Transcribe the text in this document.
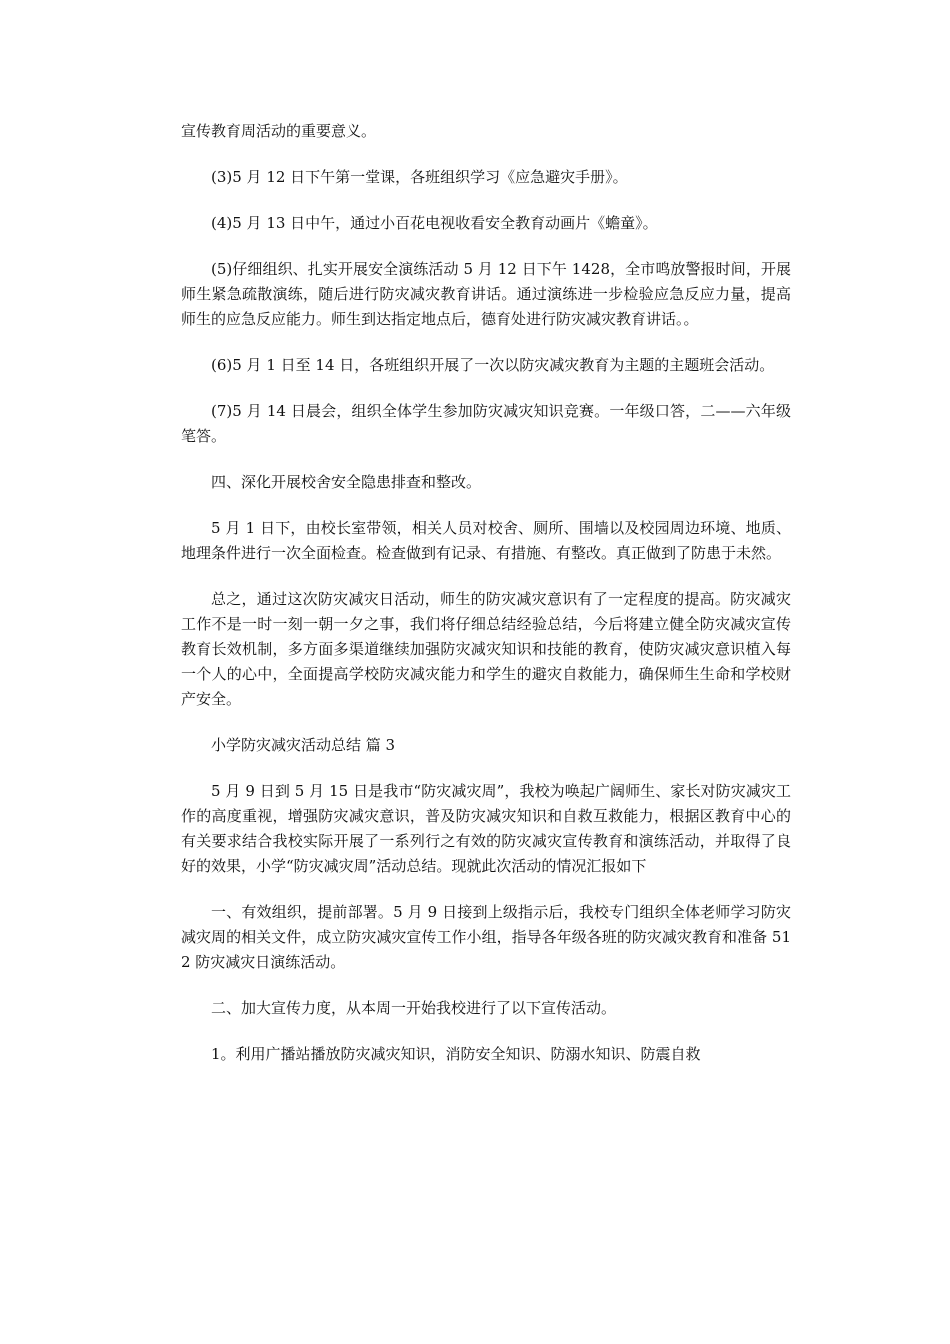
宣传教育周活动的重要意义。

(3)5 月 12 日下午第一堂课，各班组织学习《应急避灾手册》。

(4)5 月 13 日中午，通过小百花电视收看安全教育动画片《蟾童》。

(5)仔细组织、扎实开展安全演练活动 5 月 12 日下午 1428，全市鸣放警报时间，开展师生紧急疏散演练，随后进行防灾减灾教育讲话。通过演练进一步检验应急反应力量，提高师生的应急反应能力。师生到达指定地点后，德育处进行防灾减灾教育讲话。。

(6)5 月 1 日至 14 日，各班组织开展了一次以防灾减灾教育为主题的主题班会活动。

(7)5 月 14 日晨会，组织全体学生参加防灾减灾知识竞赛。一年级口答，二——六年级笔答。

四、深化开展校舍安全隐患排查和整改。

5 月 1 日下，由校长室带领，相关人员对校舍、厕所、围墙以及校园周边环境、地质、地理条件进行一次全面检查。检查做到有记录、有措施、有整改。真正做到了防患于未然。

总之，通过这次防灾减灾日活动，师生的防灾减灾意识有了一定程度的提高。防灾减灾工作不是一时一刻一朝一夕之事，我们将仔细总结经验总结，今后将建立健全防灾减灾宣传教育长效机制，多方面多渠道继续加强防灾减灾知识和技能的教育，使防灾减灾意识植入每一个人的心中，全面提高学校防灾减灾能力和学生的避灾自救能力，确保师生生命和学校财产安全。

小学防灾减灾活动总结 篇 3

5 月 9 日到 5 月 15 日是我市“防灾减灾周”，我校为唤起广阔师生、家长对防灾减灾工作的高度重视，增强防灾减灾意识，普及防灾减灾知识和自救互救能力，根据区教育中心的有关要求结合我校实际开展了一系列行之有效的防灾减灾宣传教育和演练活动，并取得了良好的效果，小学“防灾减灾周”活动总结。现就此次活动的情况汇报如下

一、有效组织，提前部署。5 月 9 日接到上级指示后，我校专门组织全体老师学习防灾减灾周的相关文件，成立防灾减灾宣传工作小组，指导各年级各班的防灾减灾教育和准备 512 防灾减灾日演练活动。

二、加大宣传力度，从本周一开始我校进行了以下宣传活动。

1。利用广播站播放防灾减灾知识，消防安全知识、防溺水知识、防震自救
